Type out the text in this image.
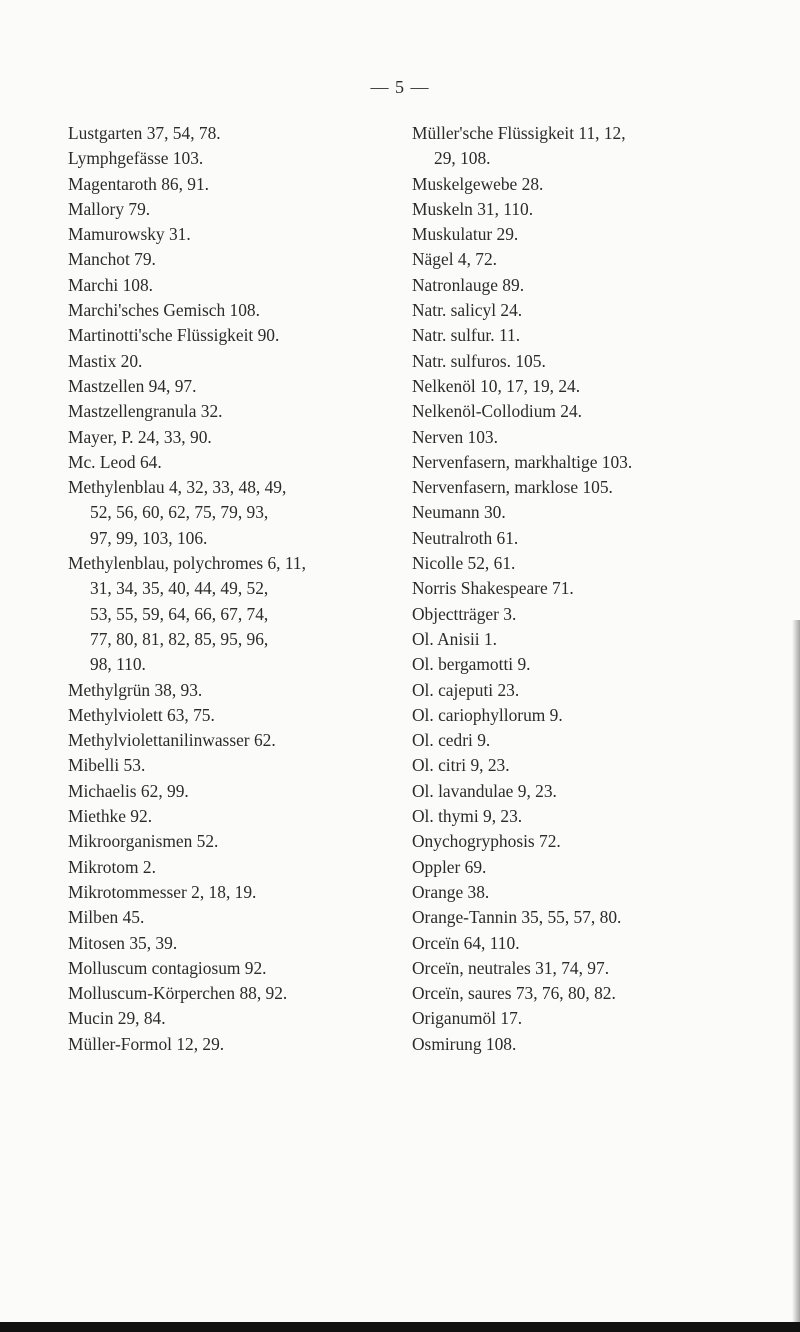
— 5 —
Lustgarten 37, 54, 78.
Lymphgefässe 103.
Magentaroth 86, 91.
Mallory 79.
Mamurowsky 31.
Manchot 79.
Marchi 108.
Marchi'sches Gemisch 108.
Martinotti'sche Flüssigkeit 90.
Mastix 20.
Mastzellen 94, 97.
Mastzellengranula 32.
Mayer, P. 24, 33, 90.
Mc. Leod 64.
Methylenblau 4, 32, 33, 48, 49,
52, 56, 60, 62, 75, 79, 93,
97, 99, 103, 106.
Methylenblau, polychromes 6, 11,
31, 34, 35, 40, 44, 49, 52,
53, 55, 59, 64, 66, 67, 74,
77, 80, 81, 82, 85, 95, 96,
98, 110.
Methylgrün 38, 93.
Methylviolett 63, 75.
Methylviolettanilinwasser 62.
Mibelli 53.
Michaelis 62, 99.
Miethke 92.
Mikroorganismen 52.
Mikrotom 2.
Mikrotommesser 2, 18, 19.
Milben 45.
Mitosen 35, 39.
Molluscum contagiosum 92.
Molluscum-Körperchen 88, 92.
Mucin 29, 84.
Müller-Formol 12, 29.
Müller'sche Flüssigkeit 11, 12,
29, 108.
Muskelgewebe 28.
Muskeln 31, 110.
Muskulatur 29.
Nägel 4, 72.
Natronlauge 89.
Natr. salicyl 24.
Natr. sulfur. 11.
Natr. sulfuros. 105.
Nelkenöl 10, 17, 19, 24.
Nelkenöl-Collodium 24.
Nerven 103.
Nervenfasern, markhaltige 103.
Nervenfasern, marklose 105.
Neumann 30.
Neutralroth 61.
Nicolle 52, 61.
Norris Shakespeare 71.
Objectträger 3.
Ol. Anisii 1.
Ol. bergamotti 9.
Ol. cajeputi 23.
Ol. cariophyllorum 9.
Ol. cedri 9.
Ol. citri 9, 23.
Ol. lavandulae 9, 23.
Ol. thymi 9, 23.
Onychogryphosis 72.
Oppler 69.
Orange 38.
Orange-Tannin 35, 55, 57, 80.
Orceïn 64, 110.
Orceïn, neutrales 31, 74, 97.
Orceïn, saures 73, 76, 80, 82.
Origanumöl 17.
Osmirung 108.
